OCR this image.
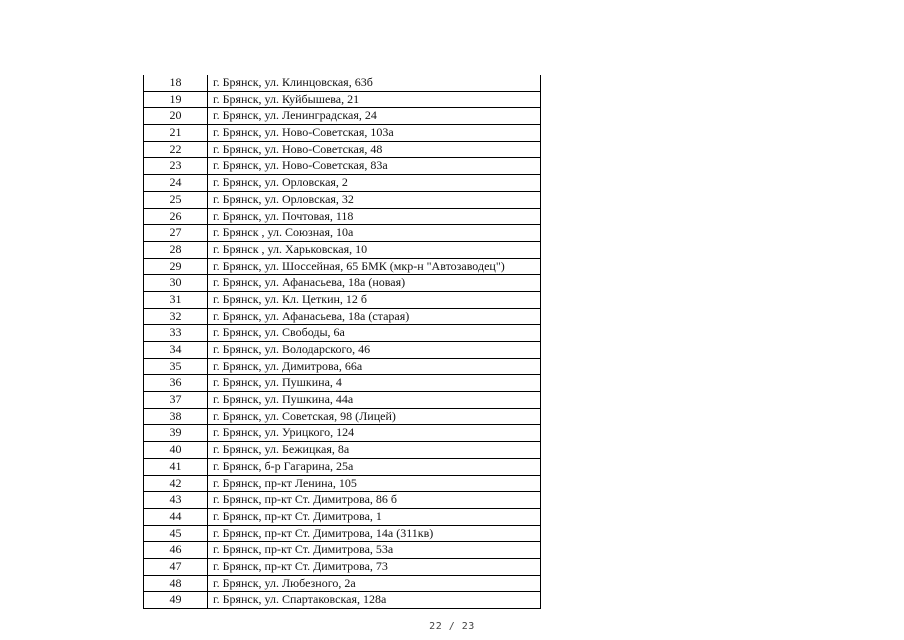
18	г. Брянск, ул. Клинцовская, 63б
19	г. Брянск, ул. Куйбышева, 21
20	г. Брянск, ул. Ленинградская, 24
21	г. Брянск, ул. Ново-Советская, 103а
22	г. Брянск, ул. Ново-Советская, 48
23	г. Брянск, ул. Ново-Советская, 83а
24	г. Брянск, ул. Орловская, 2
25	г. Брянск, ул. Орловская, 32
26	г. Брянск, ул. Почтовая, 118
27	г. Брянск , ул. Союзная, 10а
28	г. Брянск , ул. Харьковская, 10
29	г. Брянск, ул. Шоссейная, 65 БМК (мкр-н "Автозаводец")
30	г. Брянск, ул. Афанасьева, 18а (новая)
31	г. Брянск, ул. Кл. Цеткин, 12 б
32	г. Брянск, ул. Афанасьева, 18а (старая)
33	г. Брянск, ул. Свободы, 6а
34	г. Брянск, ул. Володарского, 46
35	г. Брянск, ул. Димитрова, 66а
36	г. Брянск, ул. Пушкина, 4
37	г. Брянск, ул. Пушкина, 44а
38	г. Брянск, ул. Советская, 98 (Лицей)
39	г. Брянск, ул. Урицкого, 124
40	г. Брянск, ул. Бежицкая, 8а
41	г. Брянск, б-р Гагарина, 25а
42	г. Брянск, пр-кт Ленина, 105
43	г. Брянск, пр-кт Ст. Димитрова, 86 б
44	г. Брянск, пр-кт Ст. Димитрова, 1
45	г. Брянск, пр-кт Ст. Димитрова, 14а (311кв)
46	г. Брянск, пр-кт Ст. Димитрова, 53а
47	г. Брянск, пр-кт Ст. Димитрова, 73
48	г. Брянск, ул. Любезного, 2а
49	г. Брянск, ул. Спартаковская, 128а
22 / 23
